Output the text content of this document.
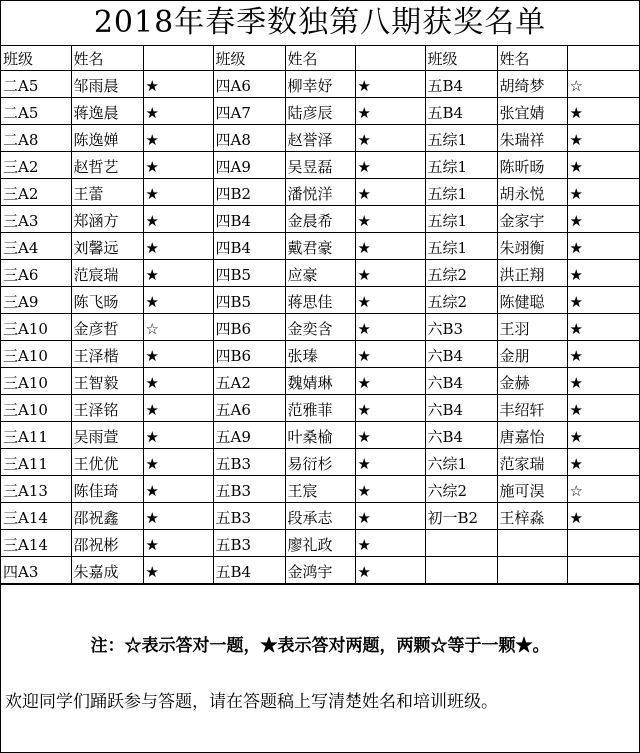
2018年春季数独第八期获奖名单
班级	姓名		班级	姓名		班级	姓名	
二A5	邹雨晨	★	四A6	柳幸妤	★	五B4	胡绮梦	☆
二A5	蒋逸晨	★	四A7	陆彦辰	★	五B4	张宜婧	★
二A8	陈逸婵	★	四A8	赵誉泽	★	五综1	朱瑞祥	★
三A2	赵哲艺	★	四A9	吴昱磊	★	五综1	陈昕旸	★
三A2	王蕾	★	四B2	潘悦洋	★	五综1	胡永悦	★
三A3	郑涵方	★	四B4	金晨希	★	五综1	金家宇	★
三A4	刘馨远	★	四B4	戴君豪	★	五综1	朱翊衡	★
三A6	范宸瑞	★	四B5	应豪	★	五综2	洪正翔	★
三A9	陈飞旸	★	四B5	蒋思佳	★	五综2	陈健聪	★
三A10	金彦哲	☆	四B6	金奕含	★	六B3	王羽	★
三A10	王泽楷	★	四B6	张瑧	★	六B4	金朋	★
三A10	王智毅	★	五A2	魏婧琳	★	六B4	金赫	★
三A10	王泽铭	★	五A6	范雅菲	★	六B4	丰绍轩	★
三A11	吴雨萱	★	五A9	叶桑榆	★	六B4	唐嘉怡	★
三A11	王优优	★	五B3	易衍杉	★	六综1	范家瑞	★
三A13	陈佳琦	★	五B3	王宸	★	六综2	施可淏	☆
三A14	邵祝鑫	★	五B3	段承志	★	初一B2	王梓淼	★
三A14	邵祝彬	★	五B3	廖礼政	★			
四A3	朱嘉成	★	五B4	金鸿宇	★			
注：☆表示答对一题，★表示答对两题，两颗☆等于一颗★。
欢迎同学们踊跃参与答题，请在答题稿上写清楚姓名和培训班级。
